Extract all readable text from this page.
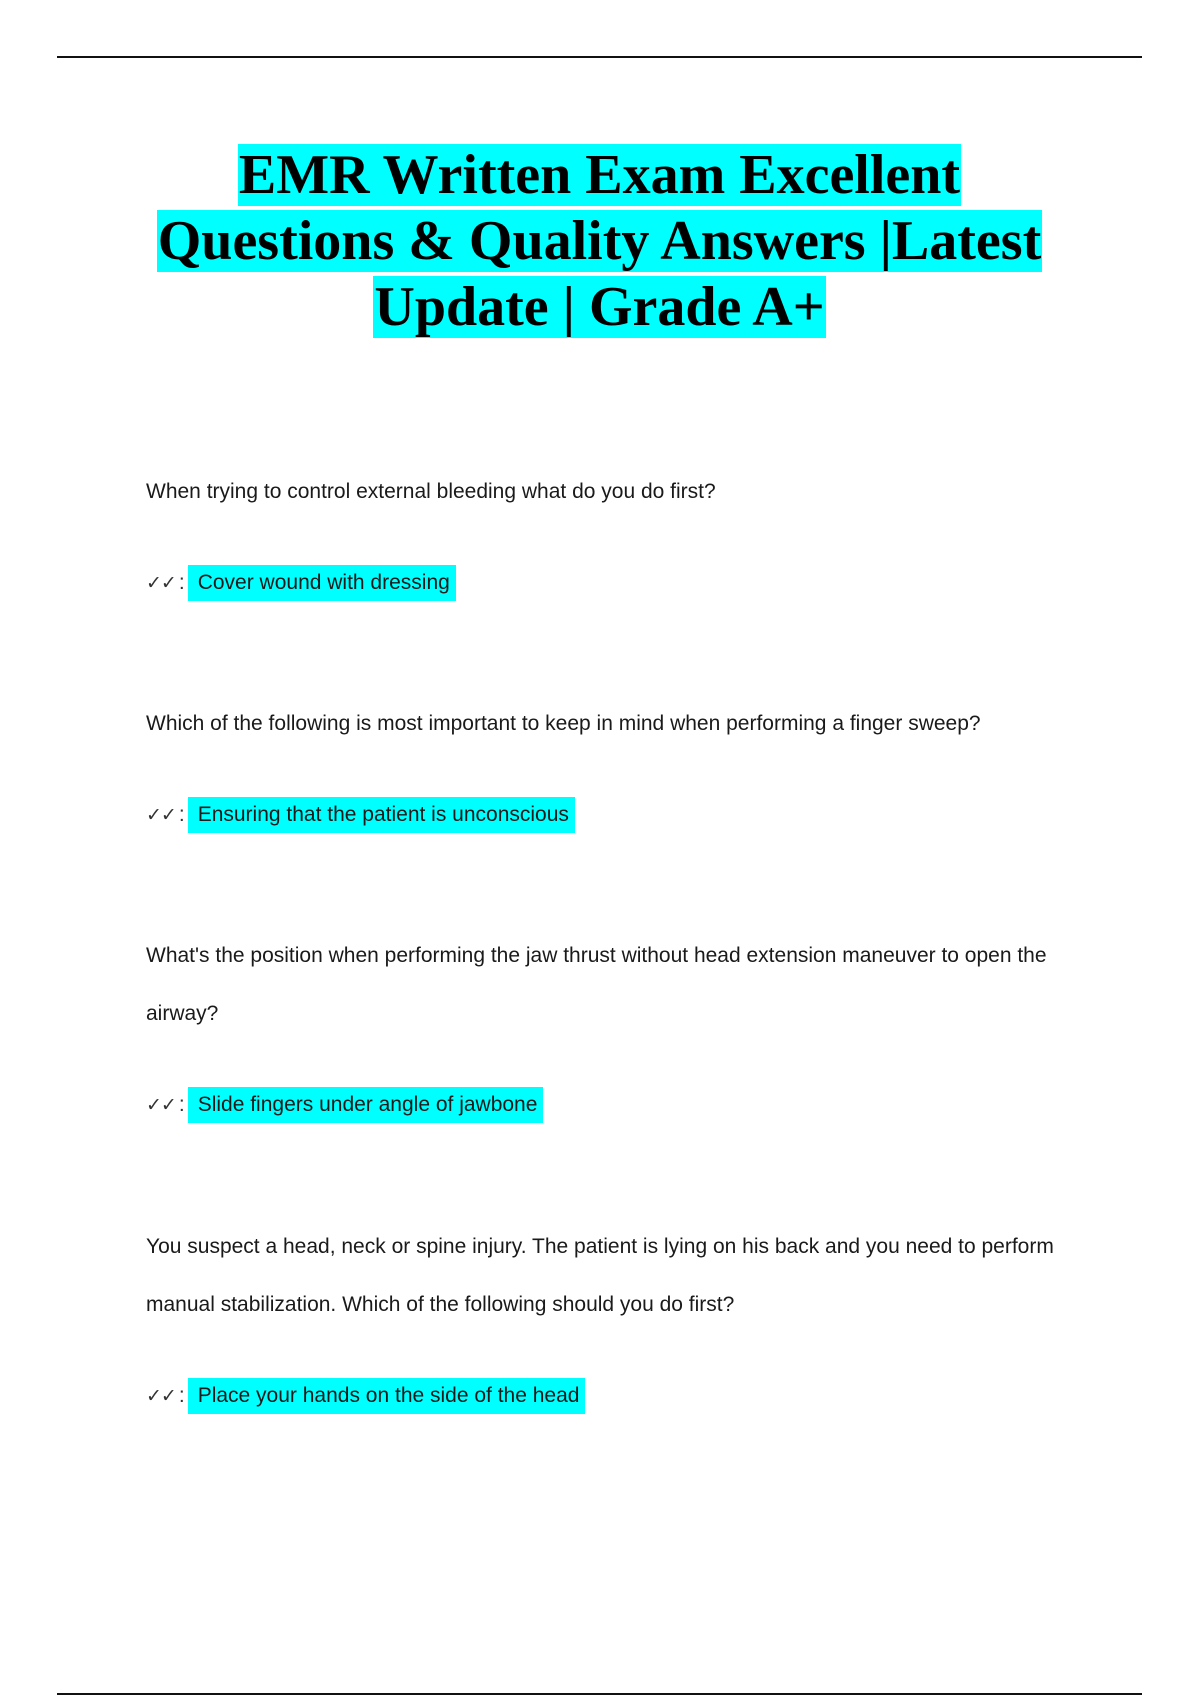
EMR Written Exam Excellent
Questions & Quality Answers |Latest
Update | Grade A+

When trying to control external bleeding what do you do first?

✓✓ : Cover wound with dressing

Which of the following is most important to keep in mind when performing a finger sweep?

✓✓ : Ensuring that the patient is unconscious

What's the position when performing the jaw thrust without head extension maneuver to open the airway?

✓✓ : Slide fingers under angle of jawbone

You suspect a head, neck or spine injury. The patient is lying on his back and you need to perform manual stabilization. Which of the following should you do first?

✓✓ : Place your hands on the side of the head
